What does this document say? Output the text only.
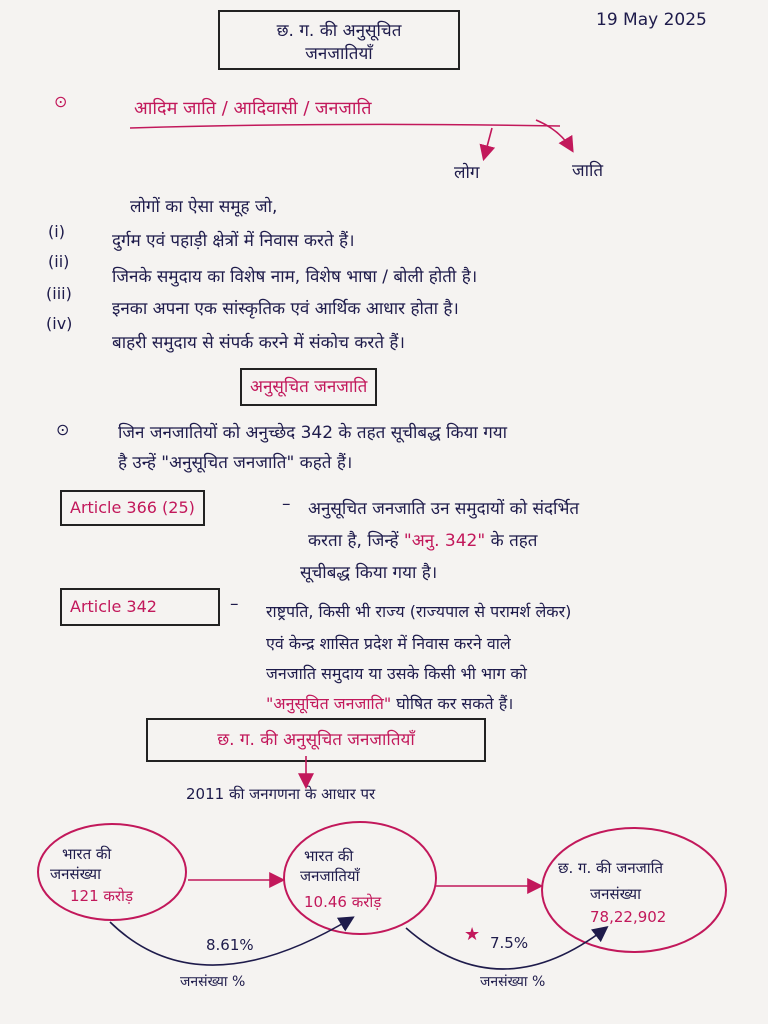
छ. ग. की अनुसूचित
जनजातियाँ
19 May 2025
⊙	आदिम जाति / आदिवासी / जनजाति
लोग	जाति
लोगों का ऐसा समूह जो,
(i)	दुर्गम एवं पहाड़ी क्षेत्रों में निवास करते हैं।
(ii)
जिनके समुदाय का विशेष नाम, विशेष भाषा / बोली होती है।
(iii)
इनका अपना एक सांस्कृतिक एवं आर्थिक आधार होता है।
(iv)
बाहरी समुदाय से संपर्क करने में संकोच करते हैं।
अनुसूचित जनजाति
⊙	जिन जनजातियों को अनुच्छेद 342 के तहत सूचीबद्ध किया गया
है उन्हें "अनुसूचित जनजाति" कहते हैं।
Article 366 (25)	– अनुसूचित जनजाति उन समुदायों को संदर्भित
करता है, जिन्हें "अनु. 342" के तहत
सूचीबद्ध किया गया है।
Article 342	– राष्ट्रपति, किसी भी राज्य (राज्यपाल से परामर्श लेकर)
एवं केन्द्र शासित प्रदेश में निवास करने वाले
जनजाति समुदाय या उसके किसी भी भाग को
"अनुसूचित जनजाति" घोषित कर सकते हैं।
छ. ग. की अनुसूचित जनजातियाँ
2011 की जनगणना के आधार पर
भारत की
जनसंख्या
121 करोड़
भारत की
जनजातियाँ
10.46 करोड़
छ. ग. की जनजाति
जनसंख्या
78,22,902
8.61%	7.5%
★
जनसंख्या %	जनसंख्या %
